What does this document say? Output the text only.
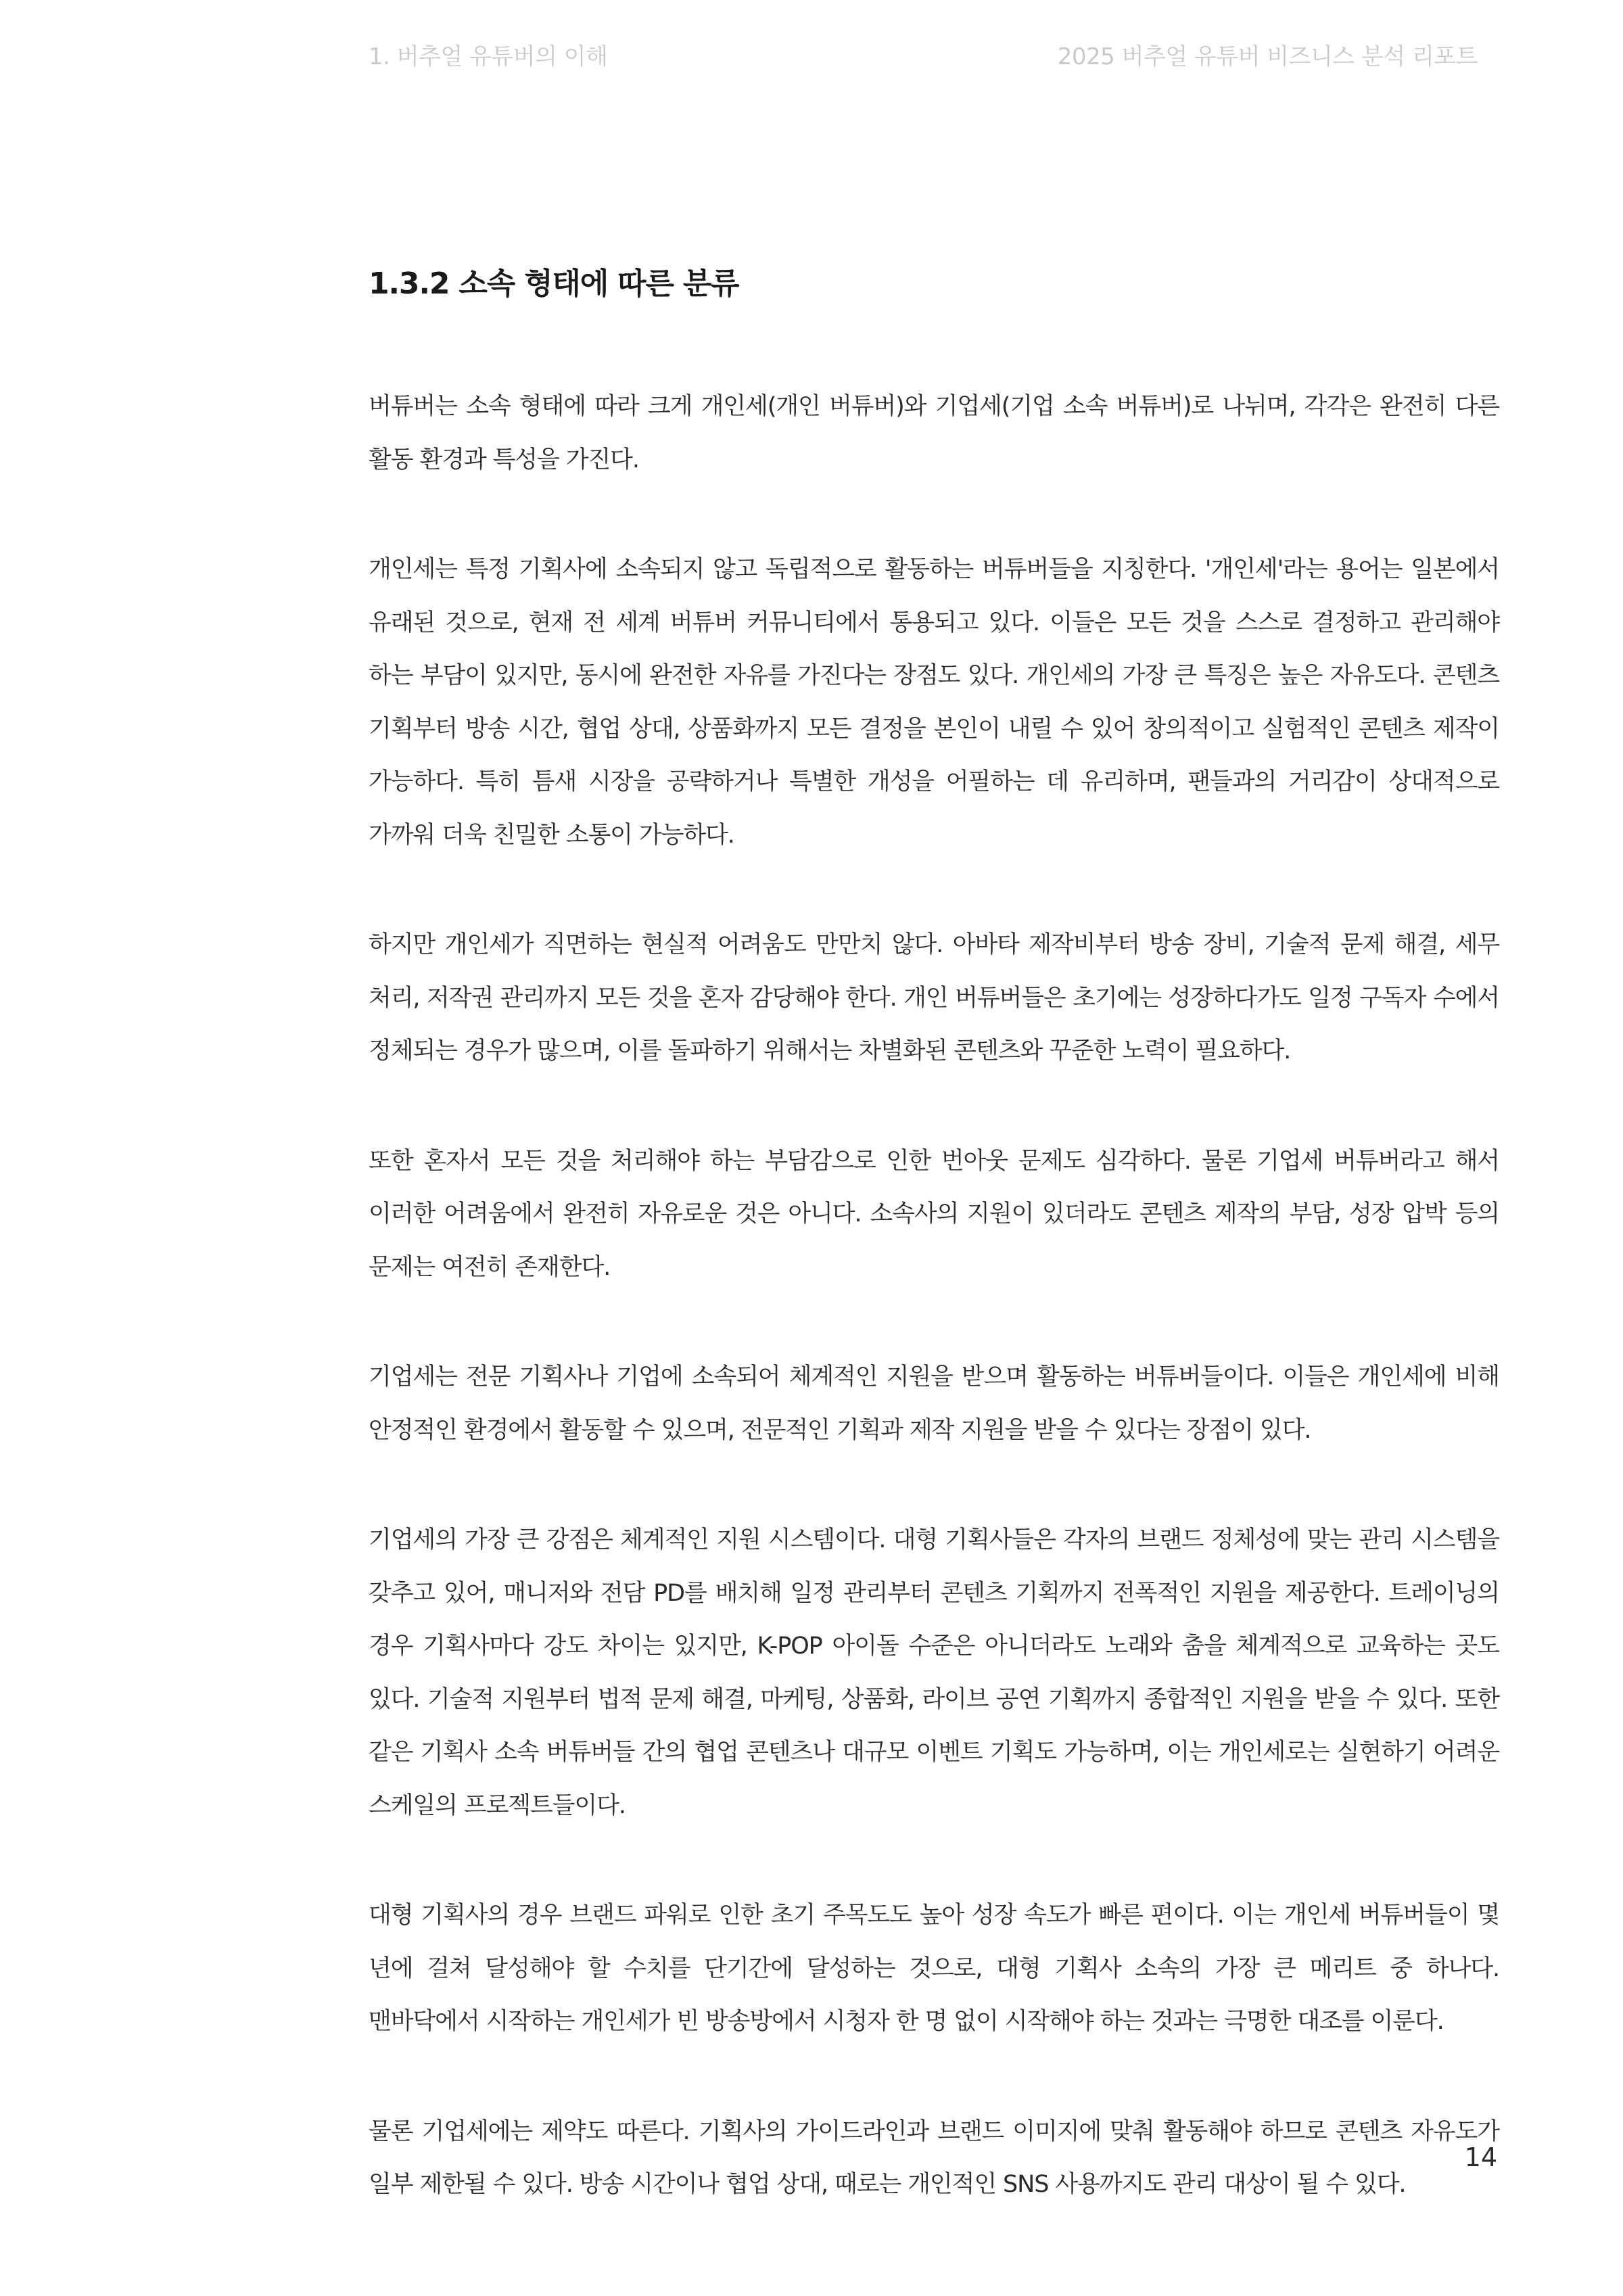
1. 버추얼 유튜버의 이해	2025 버추얼 유튜버 비즈니스 분석 리포트
1.3.2 소속 형태에 따른 분류

버튜버는 소속 형태에 따라 크게 개인세(개인 버튜버)와 기업세(기업 소속 버튜버)로 나뉘며, 각각은 완전히 다른 활동 환경과 특성을 가진다.

개인세는 특정 기획사에 소속되지 않고 독립적으로 활동하는 버튜버들을 지칭한다. '개인세'라는 용어는 일본에서 유래된 것으로, 현재 전 세계 버튜버 커뮤니티에서 통용되고 있다. 이들은 모든 것을 스스로 결정하고 관리해야 하는 부담이 있지만, 동시에 완전한 자유를 가진다는 장점도 있다. 개인세의 가장 큰 특징은 높은 자유도다. 콘텐츠 기획부터 방송 시간, 협업 상대, 상품화까지 모든 결정을 본인이 내릴 수 있어 창의적이고 실험적인 콘텐츠 제작이 가능하다. 특히 틈새 시장을 공략하거나 특별한 개성을 어필하는 데 유리하며, 팬들과의 거리감이 상대적으로 가까워 더욱 친밀한 소통이 가능하다.

하지만 개인세가 직면하는 현실적 어려움도 만만치 않다. 아바타 제작비부터 방송 장비, 기술적 문제 해결, 세무 처리, 저작권 관리까지 모든 것을 혼자 감당해야 한다. 개인 버튜버들은 초기에는 성장하다가도 일정 구독자 수에서 정체되는 경우가 많으며, 이를 돌파하기 위해서는 차별화된 콘텐츠와 꾸준한 노력이 필요하다.

또한 혼자서 모든 것을 처리해야 하는 부담감으로 인한 번아웃 문제도 심각하다. 물론 기업세 버튜버라고 해서 이러한 어려움에서 완전히 자유로운 것은 아니다. 소속사의 지원이 있더라도 콘텐츠 제작의 부담, 성장 압박 등의 문제는 여전히 존재한다.

기업세는 전문 기획사나 기업에 소속되어 체계적인 지원을 받으며 활동하는 버튜버들이다. 이들은 개인세에 비해 안정적인 환경에서 활동할 수 있으며, 전문적인 기획과 제작 지원을 받을 수 있다는 장점이 있다.

기업세의 가장 큰 강점은 체계적인 지원 시스템이다. 대형 기획사들은 각자의 브랜드 정체성에 맞는 관리 시스템을 갖추고 있어, 매니저와 전담 PD를 배치해 일정 관리부터 콘텐츠 기획까지 전폭적인 지원을 제공한다. 트레이닝의 경우 기획사마다 강도 차이는 있지만, K-POP 아이돌 수준은 아니더라도 노래와 춤을 체계적으로 교육하는 곳도 있다. 기술적 지원부터 법적 문제 해결, 마케팅, 상품화, 라이브 공연 기획까지 종합적인 지원을 받을 수 있다. 또한 같은 기획사 소속 버튜버들 간의 협업 콘텐츠나 대규모 이벤트 기획도 가능하며, 이는 개인세로는 실현하기 어려운 스케일의 프로젝트들이다.

대형 기획사의 경우 브랜드 파워로 인한 초기 주목도도 높아 성장 속도가 빠른 편이다. 이는 개인세 버튜버들이 몇 년에 걸쳐 달성해야 할 수치를 단기간에 달성하는 것으로, 대형 기획사 소속의 가장 큰 메리트 중 하나다. 맨바닥에서 시작하는 개인세가 빈 방송방에서 시청자 한 명 없이 시작해야 하는 것과는 극명한 대조를 이룬다.

물론 기업세에는 제약도 따른다. 기획사의 가이드라인과 브랜드 이미지에 맞춰 활동해야 하므로 콘텐츠 자유도가 일부 제한될 수 있다. 방송 시간이나 협업 상대, 때로는 개인적인 SNS 사용까지도 관리 대상이 될 수 있다.

14
